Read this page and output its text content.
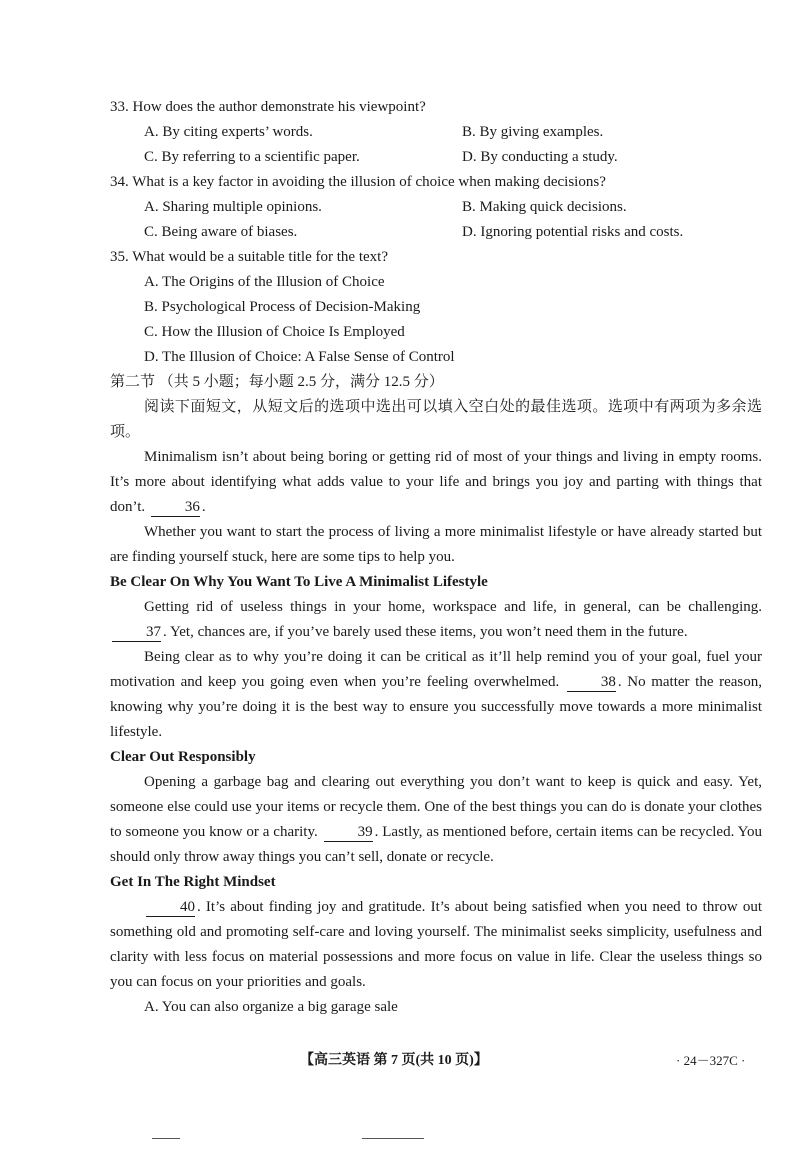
33. How does the author demonstrate his viewpoint?

A. By citing experts’ words.	B. By giving examples.
C. By referring to a scientific paper.	D. By conducting a study.

34. What is a key factor in avoiding the illusion of choice when making decisions?

A. Sharing multiple opinions.	B. Making quick decisions.
C. Being aware of biases.	D. Ignoring potential risks and costs.

35. What would be a suitable title for the text?

A. The Origins of the Illusion of Choice

B. Psychological Process of Decision-Making

C. How the Illusion of Choice Is Employed

D. The Illusion of Choice: A False Sense of Control

第二节 （共 5 小题；每小题 2.5 分，满分 12.5 分）

阅读下面短文，从短文后的选项中选出可以填入空白处的最佳选项。选项中有两项为多余选项。

Minimalism isn’t about being boring or getting rid of most of your things and living in empty rooms. It’s more about identifying what adds value to your life and brings you joy and parting with things that don’t.	36 .

Whether you want to start the process of living a more minimalist lifestyle or have already started but are finding yourself stuck, here are some tips to help you.

Be Clear On Why You Want To Live A Minimalist Lifestyle

Getting rid of useless things in your home, workspace and life, in general, can be challenging. 37 . Yet, chances are, if you’ve barely used these items, you won’t need them in the future.

Being clear as to why you’re doing it can be critical as it’ll help remind you of your goal, fuel your motivation and keep you going even when you’re feeling overwhelmed.	38 . No matter the reason, knowing why you’re doing it is the best way to ensure you successfully move towards a more minimalist lifestyle.

Clear Out Responsibly

Opening a garbage bag and clearing out everything you don’t want to keep is quick and easy. Yet, someone else could use your items or recycle them. One of the best things you can do is donate your clothes to someone you know or a charity.	39 . Lastly, as mentioned before, certain items can be recycled. You should only throw away things you can’t sell, donate or recycle.

Get In The Right Mindset

40 . It’s about finding joy and gratitude. It’s about being satisfied when you need to throw out something old and promoting self-care and loving yourself. The minimalist seeks simplicity, usefulness and clarity with less focus on material possessions and more focus on value in life. Clear the useless things so you can focus on your priorities and goals.

A. You can also organize a big garage sale

【高三英语 第 7 页(共 10 页)】	· 24－327C ·
